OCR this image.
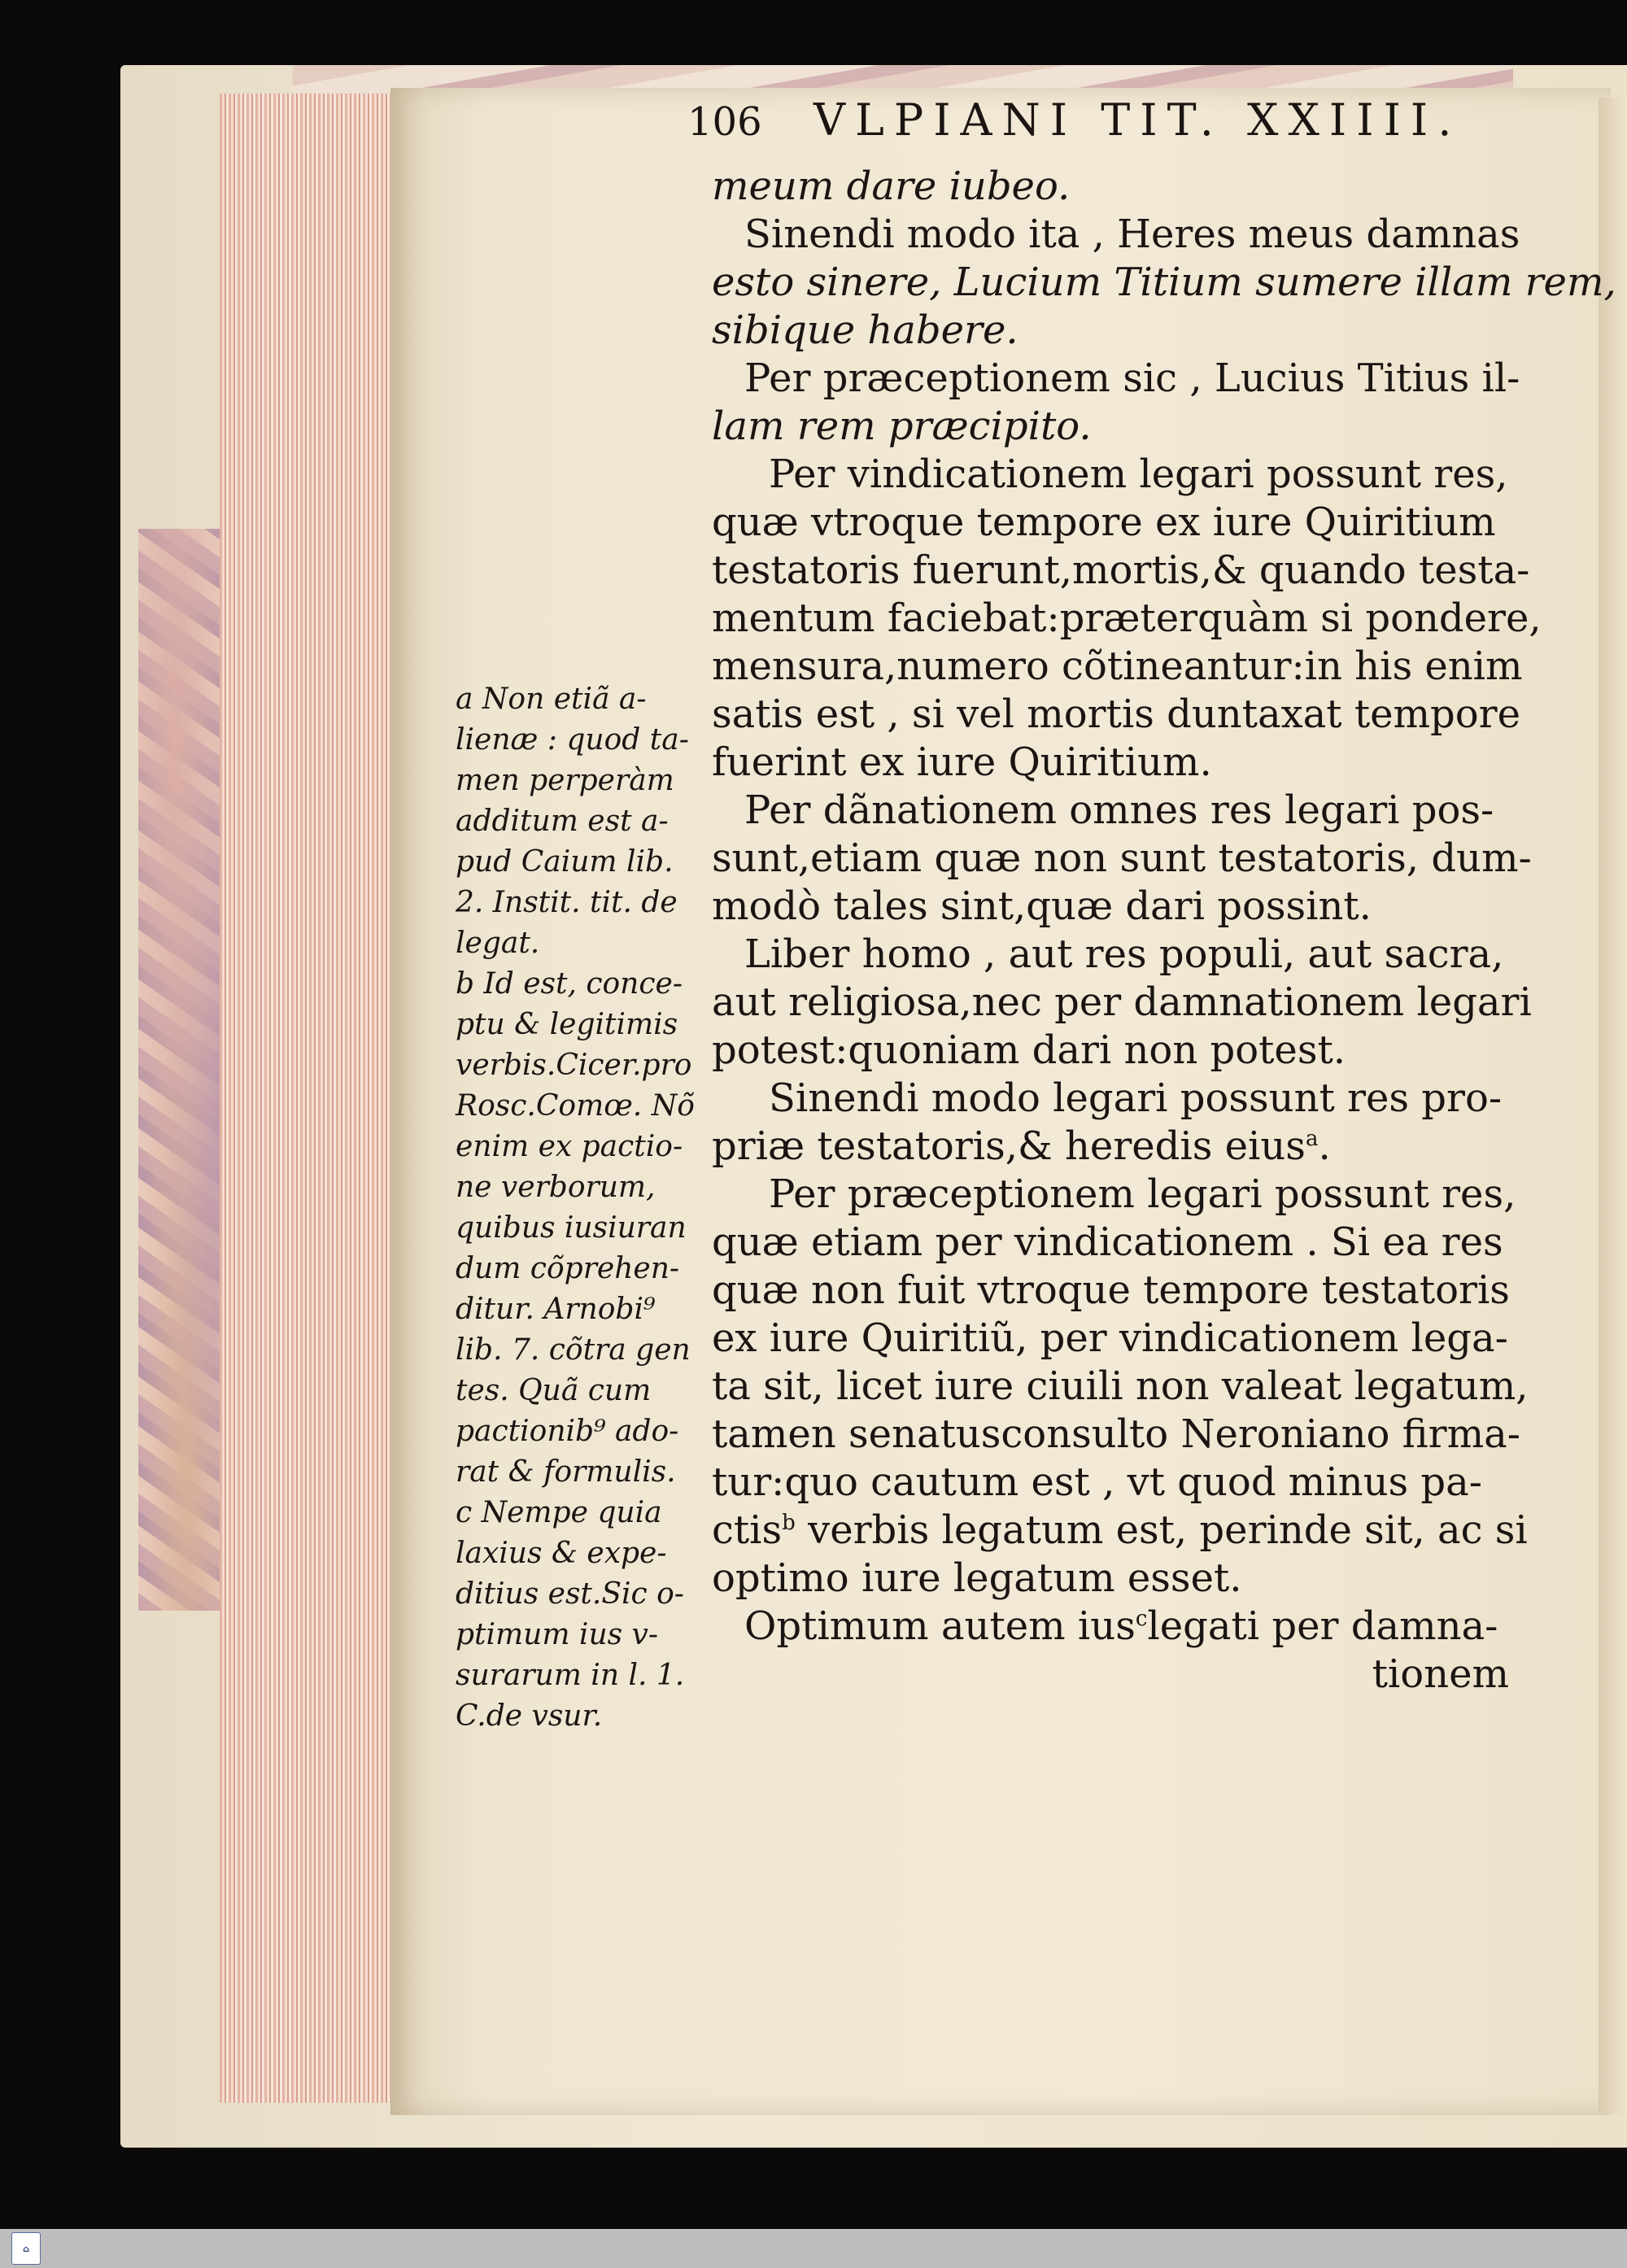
106 VLPIANI TIT. XXIIII.

meum dare iubeo.

Sinendi modo ita , Heres meus damnas

esto sinere, Lucium Titium sumere illam rem,

sibique habere.

Per præceptionem sic , Lucius Titius il-

lam rem præcipito.

Per vindicationem legari possunt res,

quæ vtroque tempore ex iure Quiritium

testatoris fuerunt,mortis,& quando testa-

mentum faciebat:præterquàm si pondere,

mensura,numero cõtineantur:in his enim

satis est , si vel mortis duntaxat tempore

fuerint ex iure Quiritium.

Per dãnationem omnes res legari pos-

sunt,etiam quæ non sunt testatoris, dum-

modò tales sint,quæ dari possint.

Liber homo , aut res populi, aut sacra,

aut religiosa,nec per damnationem legari

potest:quoniam dari non potest.

Sinendi modo legari possunt res pro-

priæ testatoris,& heredis eius$^a$.

Per præceptionem legari possunt res,

quæ etiam per vindicationem . Si ea res

quæ non fuit vtroque tempore testatoris

ex iure Quiritiũ, per vindicationem lega-

ta sit, licet iure ciuili non valeat legatum,

tamen senatusconsulto Neroniano firma-

tur:quo cautum est , vt quod minus pa-

ctis$^b$ verbis legatum est, perinde sit, ac si

optimo iure legatum esset.

Optimum autem ius$^c$legati per damna-

tionem

a Non etiã a-

lienæ : quod ta-

men perperàm

additum est a-

pud Caium lib.

2. Instit. tit. de

legat.

b Id est, conce-

ptu & legitimis

verbis.Cicer.pro

Rosc.Comœ. Nõ

enim ex pactio-

ne verborum,

quibus iusiuran

dum cõprehen-

ditur. Arnobi⁹

lib. 7. cõtra gen

tes. Quã cum

pactionib⁹ ado-

rat & formulis.

c Nempe quia

laxius & expe-

ditius est.Sic o-

ptimum ius v-

surarum in l. 1.

C.de vsur.

⌂
